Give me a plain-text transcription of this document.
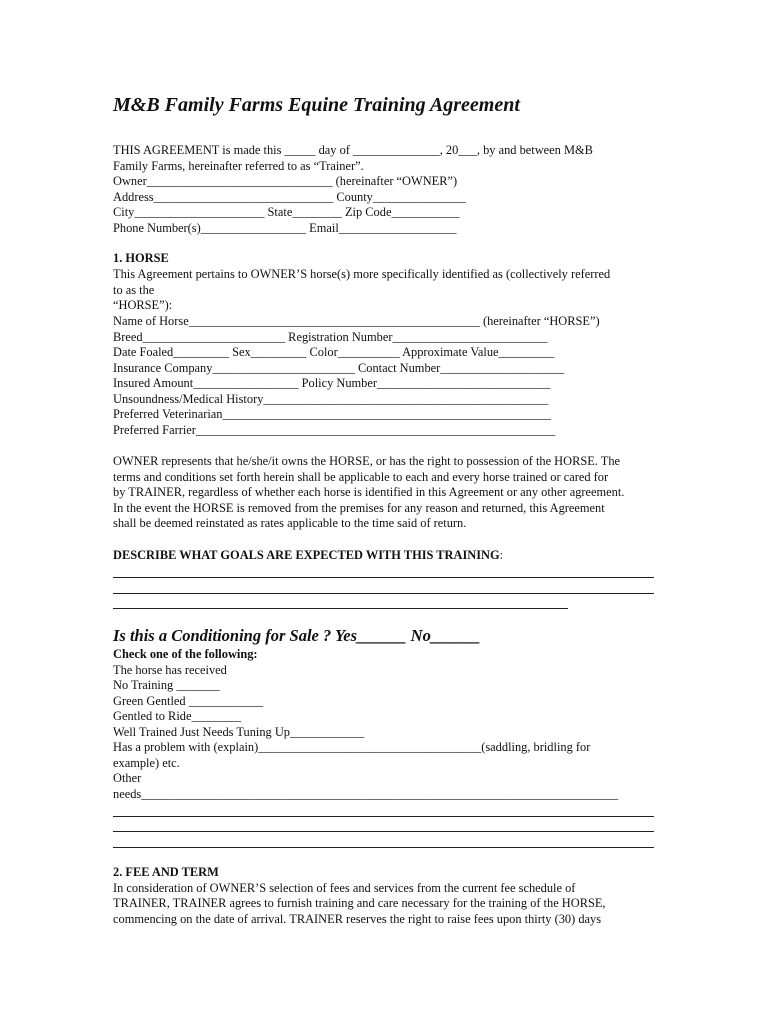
M&B Family Farms Equine Training Agreement
THIS AGREEMENT is made this _____ day of ______________, 20___, by and between M&B
Family Farms, hereinafter referred to as “Trainer”.
Owner______________________________ (hereinafter “OWNER”)
Address_____________________________ County_______________
City_____________________ State________ Zip Code___________
Phone Number(s)_________________ Email___________________
1. HORSE
This Agreement pertains to OWNER’S horse(s) more specifically identified as (collectively referred
to as the
“HORSE”):
Name of Horse_______________________________________________ (hereinafter “HORSE”)
Breed_______________________ Registration Number_________________________
Date Foaled_________ Sex_________ Color__________ Approximate Value_________
Insurance Company_______________________ Contact Number____________________
Insured Amount_________________ Policy Number____________________________
Unsoundness/Medical History______________________________________________
Preferred Veterinarian_____________________________________________________
Preferred Farrier__________________________________________________________
OWNER represents that he/she/it owns the HORSE, or has the right to possession of the HORSE. The
terms and conditions set forth herein shall be applicable to each and every horse trained or cared for
by TRAINER, regardless of whether each horse is identified in this Agreement or any other agreement.
In the event the HORSE is removed from the premises for any reason and returned, this Agreement
shall be deemed reinstated as rates applicable to the time said of return.
DESCRIBE WHAT GOALS ARE EXPECTED WITH THIS TRAINING:
Is this a Conditioning for Sale ? Yes______ No______
Check one of the following:
The horse has received
No Training _______
Green Gentled ____________
Gentled to Ride________
Well Trained Just Needs Tuning Up____________
Has a problem with (explain)____________________________________(saddling, bridling for
example) etc.
Other
needs_____________________________________________________________________________
2. FEE AND TERM
In consideration of OWNER’S selection of fees and services from the current fee schedule of
TRAINER, TRAINER agrees to furnish training and care necessary for the training of the HORSE,
commencing on the date of arrival. TRAINER reserves the right to raise fees upon thirty (30) days
